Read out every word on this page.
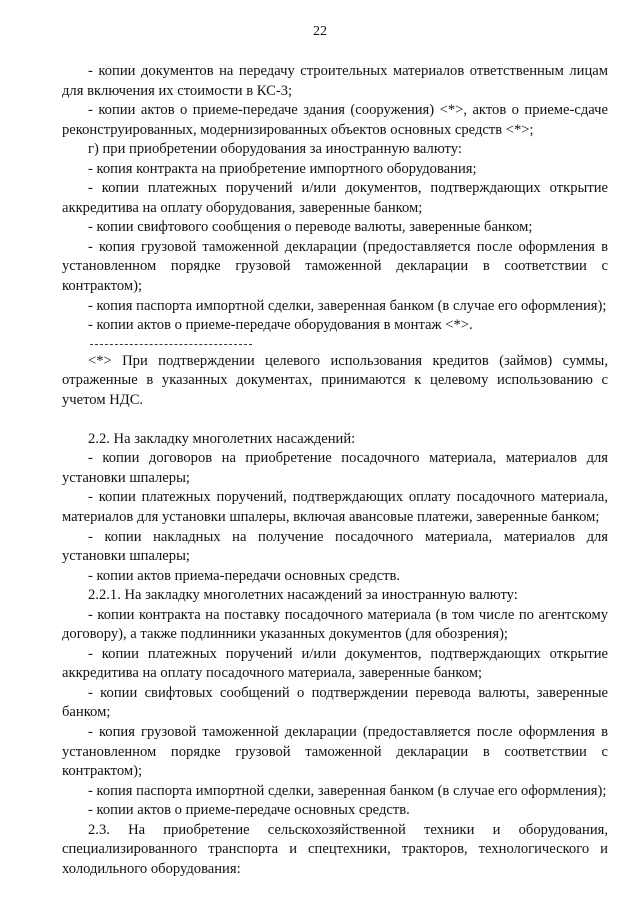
22

- копии документов на передачу строительных материалов ответственным лицам для включения их стоимости в КС-3;

- копии актов о приеме-передаче здания (сооружения) <*>, актов о приеме-сдаче реконструированных, модернизированных объектов основных средств <*>;

г) при приобретении оборудования за иностранную валюту:

- копия контракта на приобретение импортного оборудования;

- копии платежных поручений и/или документов, подтверждающих открытие аккредитива на оплату оборудования, заверенные банком;

- копии свифтового сообщения о переводе валюты, заверенные банком;

- копия грузовой таможенной декларации (предоставляется после оформления в установленном порядке грузовой таможенной декларации в соответствии с контрактом);

- копия паспорта импортной сделки, заверенная банком (в случае его оформления);

- копии актов о приеме-передаче оборудования в монтаж <*>.

<*> При подтверждении целевого использования кредитов (займов) суммы, отраженные в указанных документах, принимаются к целевому использованию с учетом НДС.

2.2. На закладку многолетних насаждений:

- копии договоров на приобретение посадочного материала, материалов для установки шпалеры;

- копии платежных поручений, подтверждающих оплату посадочного материала, материалов для установки шпалеры, включая авансовые платежи, заверенные банком;

- копии накладных на получение посадочного материала, материалов для установки шпалеры;

- копии актов приема-передачи основных средств.

2.2.1. На закладку многолетних насаждений за иностранную валюту:

- копии контракта на поставку посадочного материала (в том числе по агентскому договору), а также подлинники указанных документов (для обозрения);

- копии платежных поручений и/или документов, подтверждающих открытие аккредитива на оплату посадочного материала, заверенные банком;

- копии свифтовых сообщений о подтверждении перевода валюты, заверенные банком;

- копия грузовой таможенной декларации (предоставляется после оформления в установленном порядке грузовой таможенной декларации в соответствии с контрактом);

- копия паспорта импортной сделки, заверенная банком (в случае его оформления);

- копии актов о приеме-передаче основных средств.

2.3. На приобретение сельскохозяйственной техники и оборудования, специализированного транспорта и спецтехники, тракторов, технологического и холодильного оборудования:
